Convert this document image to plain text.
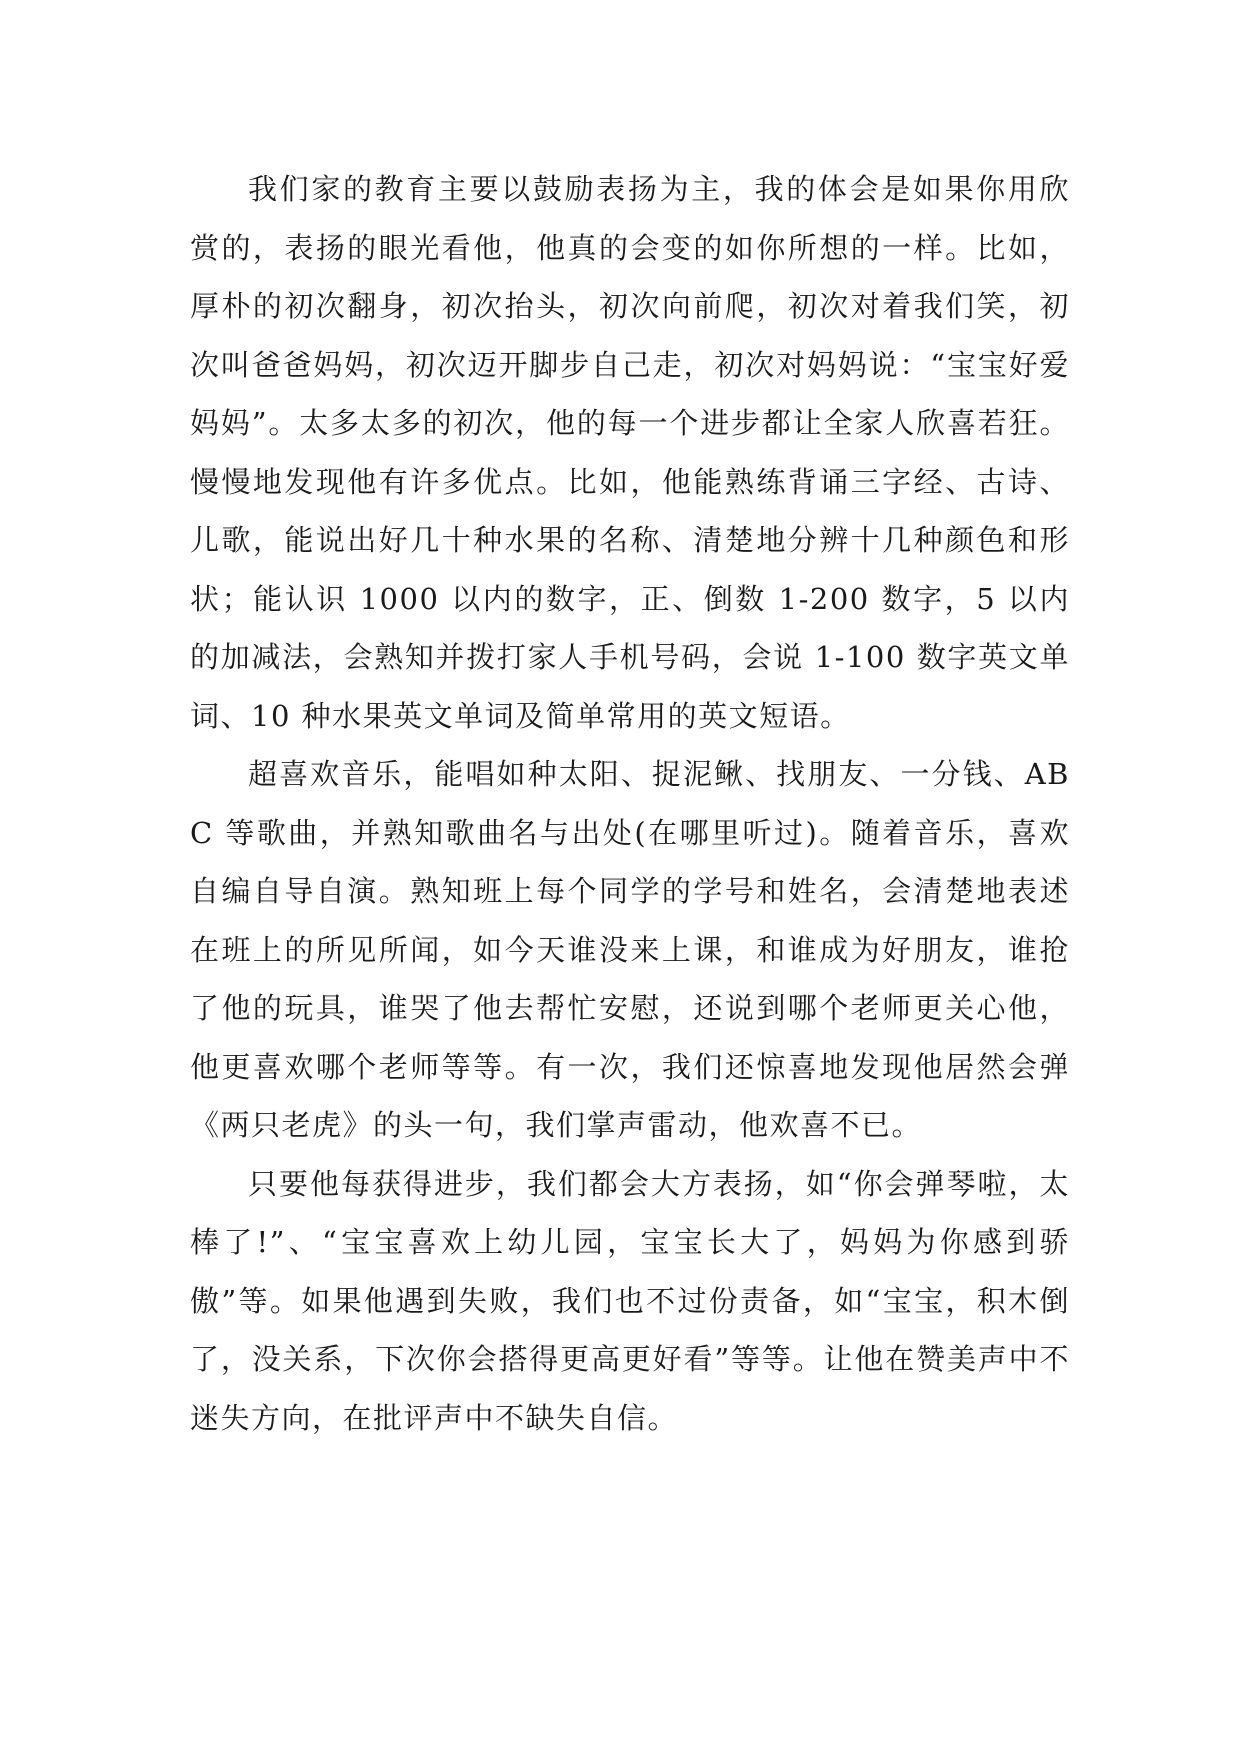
我们家的教育主要以鼓励表扬为主，我的体会是如果你用欣赏的，表扬的眼光看他，他真的会变的如你所想的一样。比如，厚朴的初次翻身，初次抬头，初次向前爬，初次对着我们笑，初次叫爸爸妈妈，初次迈开脚步自己走，初次对妈妈说：“宝宝好爱妈妈”。太多太多的初次，他的每一个进步都让全家人欣喜若狂。慢慢地发现他有许多优点。比如，他能熟练背诵三字经、古诗、儿歌，能说出好几十种水果的名称、清楚地分辨十几种颜色和形状；能认识 1000 以内的数字，正、倒数 1-200 数字，5 以内的加减法，会熟知并拨打家人手机号码，会说 1-100 数字英文单词、10 种水果英文单词及简单常用的英文短语。

超喜欢音乐，能唱如种太阳、捉泥鳅、找朋友、一分钱、ABC 等歌曲，并熟知歌曲名与出处(在哪里听过)。随着音乐，喜欢自编自导自演。熟知班上每个同学的学号和姓名，会清楚地表述在班上的所见所闻，如今天谁没来上课，和谁成为好朋友，谁抢了他的玩具，谁哭了他去帮忙安慰，还说到哪个老师更关心他，他更喜欢哪个老师等等。有一次，我们还惊喜地发现他居然会弹《两只老虎》的头一句，我们掌声雷动，他欢喜不已。

只要他每获得进步，我们都会大方表扬，如“你会弹琴啦，太棒了!”、“宝宝喜欢上幼儿园，宝宝长大了，妈妈为你感到骄傲”等。如果他遇到失败，我们也不过份责备，如“宝宝，积木倒了，没关系，下次你会搭得更高更好看”等等。让他在赞美声中不迷失方向，在批评声中不缺失自信。
